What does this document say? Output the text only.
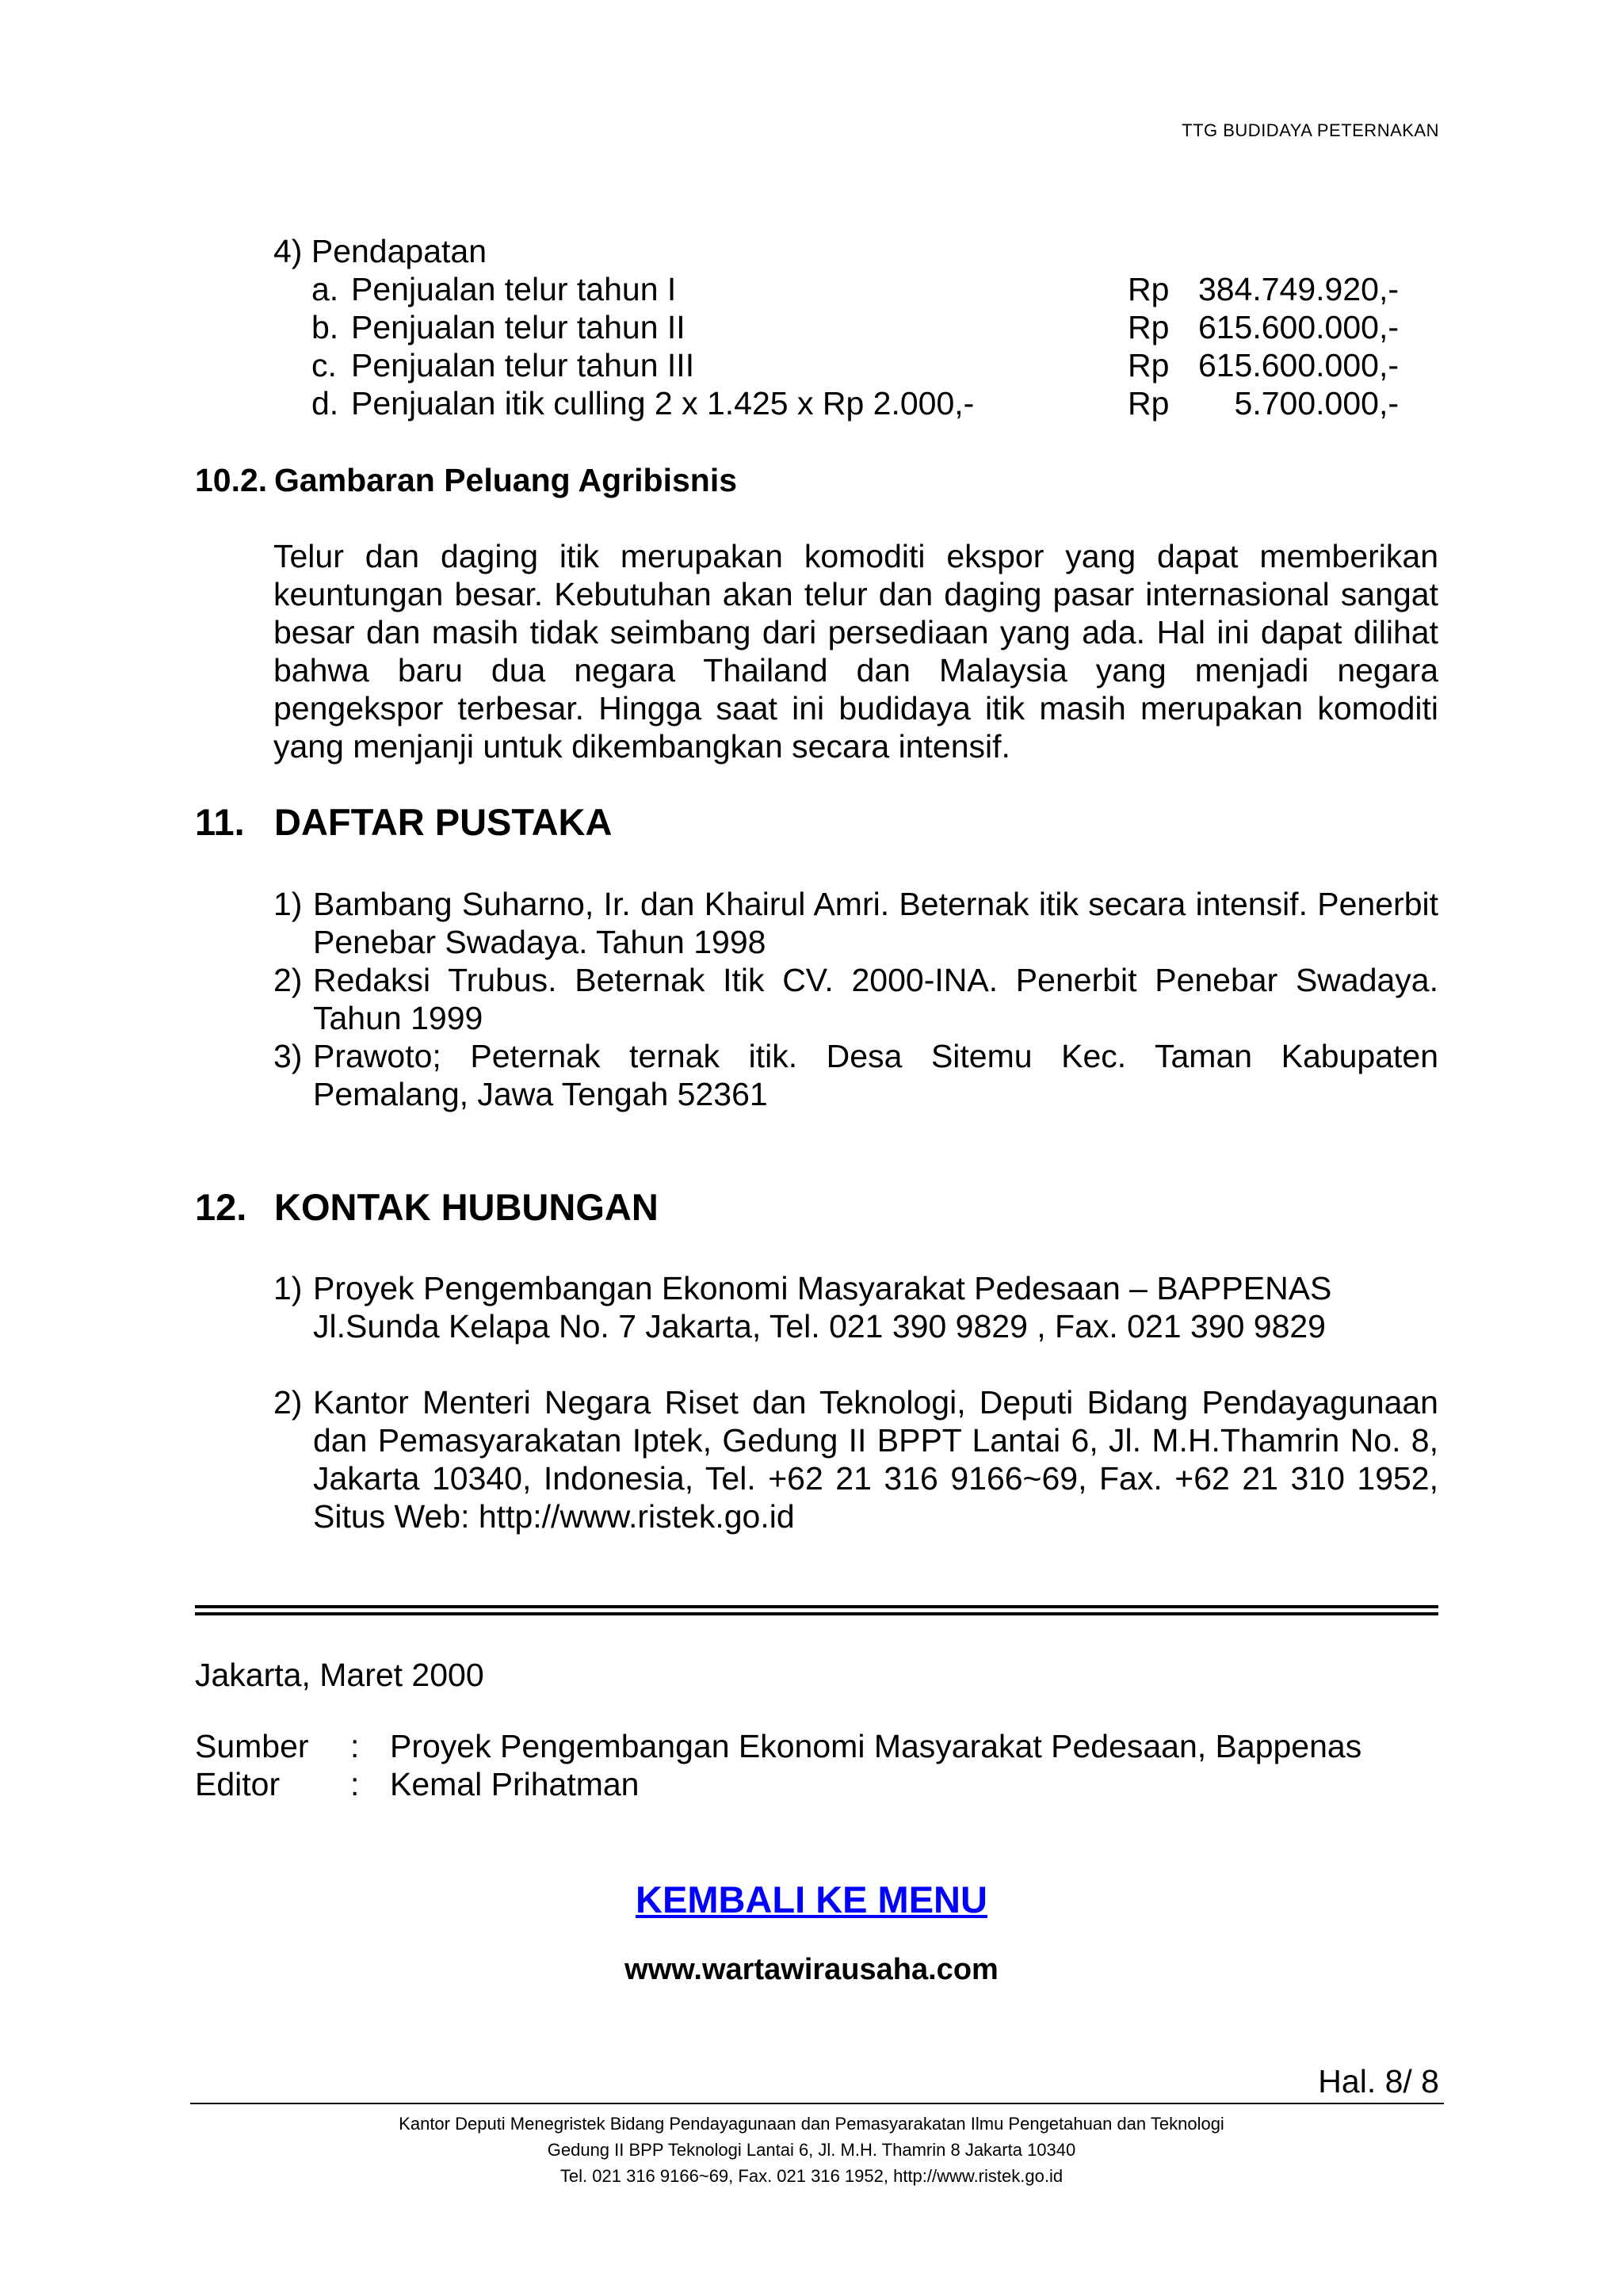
TTG BUDIDAYA PETERNAKAN
4) Pendapatan
a. Penjualan telur tahun I	Rp 384.749.920,-
b. Penjualan telur tahun II	Rp 615.600.000,-
c. Penjualan telur tahun III	Rp 615.600.000,-
d. Penjualan itik culling 2 x 1.425 x Rp 2.000,-	Rp 5.700.000,-
10.2. Gambaran Peluang Agribisnis
Telur dan daging itik merupakan komoditi ekspor yang dapat memberikan keuntungan besar. Kebutuhan akan telur dan daging pasar internasional sangat besar dan masih tidak seimbang dari persediaan yang ada. Hal ini dapat dilihat bahwa baru dua negara Thailand dan Malaysia yang menjadi negara pengekspor terbesar. Hingga saat ini budidaya itik masih merupakan komoditi yang menjanji untuk dikembangkan secara intensif.
11. DAFTAR PUSTAKA
1) Bambang Suharno, Ir. dan Khairul Amri. Beternak itik secara intensif. Penerbit Penebar Swadaya. Tahun 1998
2) Redaksi Trubus. Beternak Itik CV. 2000-INA. Penerbit Penebar Swadaya. Tahun 1999
3) Prawoto; Peternak ternak itik. Desa Sitemu Kec. Taman Kabupaten Pemalang, Jawa Tengah 52361
12. KONTAK HUBUNGAN
1) Proyek Pengembangan Ekonomi Masyarakat Pedesaan – BAPPENAS
Jl.Sunda Kelapa No. 7 Jakarta, Tel. 021 390 9829 , Fax. 021 390 9829
2) Kantor Menteri Negara Riset dan Teknologi, Deputi Bidang Pendayagunaan dan Pemasyarakatan Iptek, Gedung II BPPT Lantai 6, Jl. M.H.Thamrin No. 8, Jakarta 10340, Indonesia, Tel. +62 21 316 9166~69, Fax. +62 21 310 1952, Situs Web: http://www.ristek.go.id
Jakarta, Maret 2000
Sumber : Proyek Pengembangan Ekonomi Masyarakat Pedesaan, Bappenas
Editor : Kemal Prihatman
KEMBALI KE MENU
www.wartawirausaha.com
Hal. 8/ 8
Kantor Deputi Menegristek Bidang Pendayagunaan dan Pemasyarakatan Ilmu Pengetahuan dan Teknologi
Gedung II BPP Teknologi Lantai 6, Jl. M.H. Thamrin 8 Jakarta 10340
Tel. 021 316 9166~69, Fax. 021 316 1952, http://www.ristek.go.id
